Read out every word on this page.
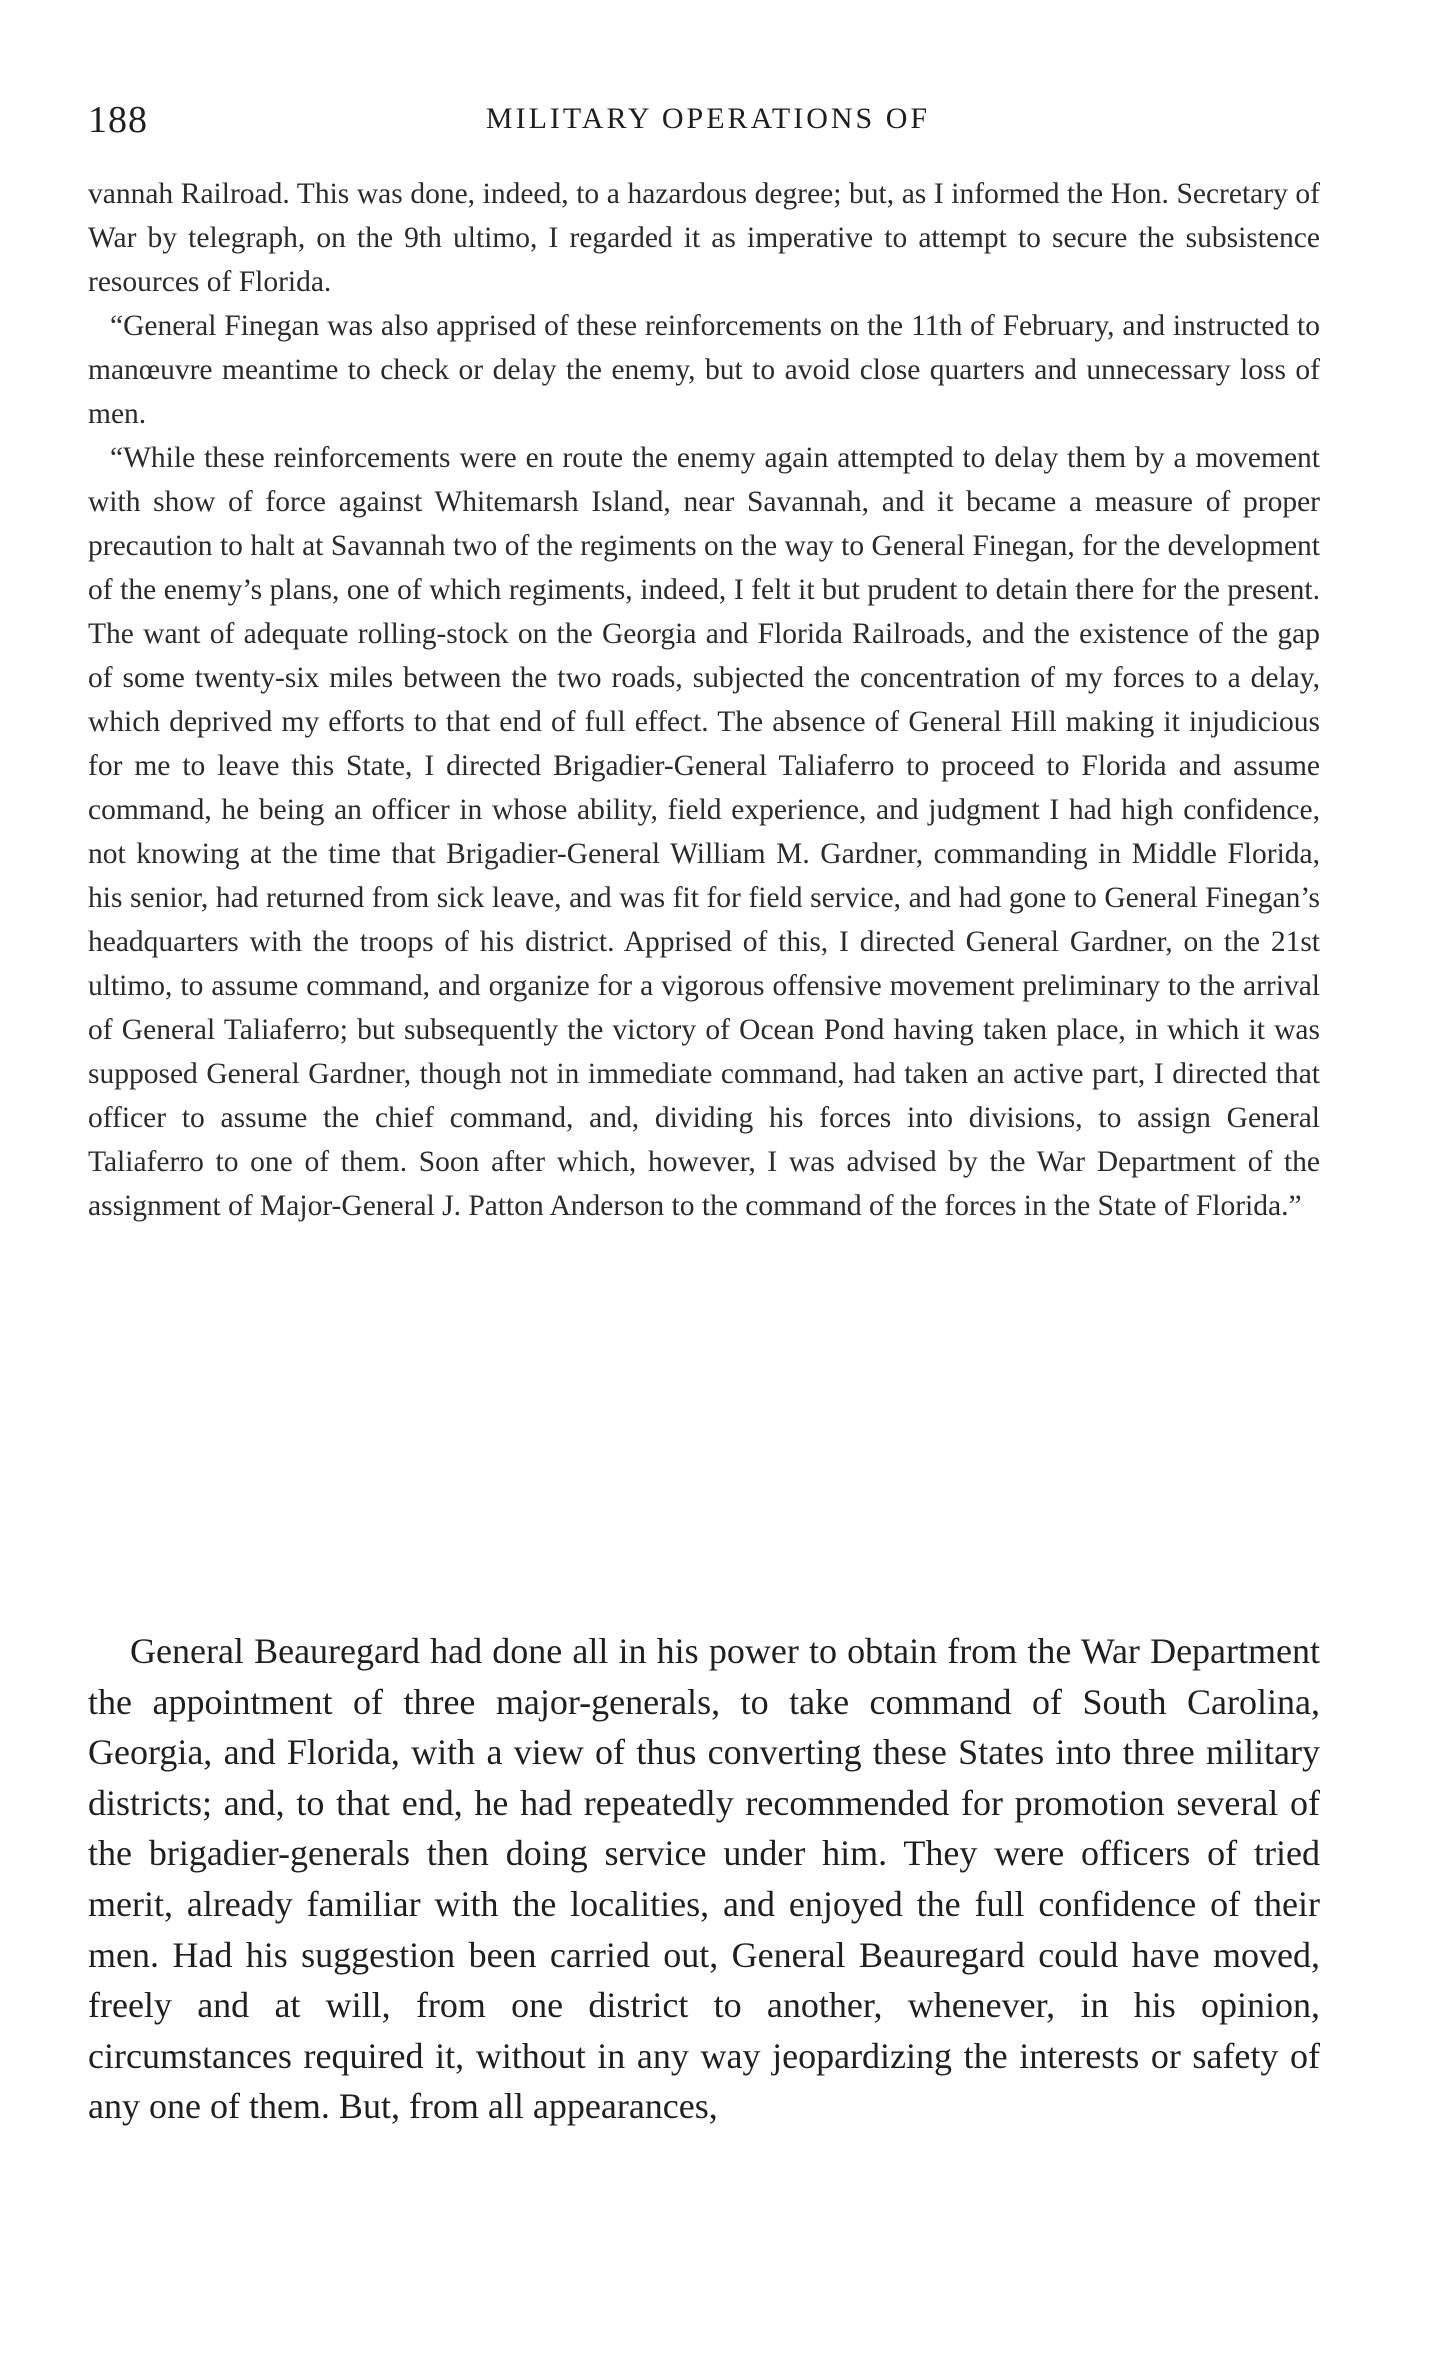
188	MILITARY OPERATIONS OF

vannah Railroad. This was done, indeed, to a hazardous degree; but, as I informed the Hon. Secretary of War by telegraph, on the 9th ultimo, I regarded it as imperative to attempt to secure the subsistence resources of Florida.

“General Finegan was also apprised of these reinforcements on the 11th of February, and instructed to manœuvre meantime to check or delay the enemy, but to avoid close quarters and unnecessary loss of men.

“While these reinforcements were en route the enemy again attempted to delay them by a movement with show of force against Whitemarsh Island, near Savannah, and it became a measure of proper precaution to halt at Savannah two of the regiments on the way to General Finegan, for the development of the enemy’s plans, one of which regiments, indeed, I felt it but prudent to detain there for the present. The want of adequate rolling-stock on the Georgia and Florida Railroads, and the existence of the gap of some twenty-six miles between the two roads, subjected the concentration of my forces to a delay, which deprived my efforts to that end of full effect. The absence of General Hill making it injudicious for me to leave this State, I directed Brigadier-General Taliaferro to proceed to Florida and assume command, he being an officer in whose ability, field experience, and judgment I had high confidence, not knowing at the time that Brigadier-General William M. Gardner, commanding in Middle Florida, his senior, had returned from sick leave, and was fit for field service, and had gone to General Finegan’s headquarters with the troops of his district. Apprised of this, I directed General Gardner, on the 21st ultimo, to assume command, and organize for a vigorous offensive movement preliminary to the arrival of General Taliaferro; but subsequently the victory of Ocean Pond having taken place, in which it was supposed General Gardner, though not in immediate command, had taken an active part, I directed that officer to assume the chief command, and, dividing his forces into divisions, to assign General Taliaferro to one of them. Soon after which, however, I was advised by the War Department of the assignment of Major-General J. Patton Anderson to the command of the forces in the State of Florida.”

General Beauregard had done all in his power to obtain from the War Department the appointment of three major-generals, to take command of South Carolina, Georgia, and Florida, with a view of thus converting these States into three military districts; and, to that end, he had repeatedly recommended for promotion several of the brigadier-generals then doing service under him. They were officers of tried merit, already familiar with the localities, and enjoyed the full confidence of their men. Had his suggestion been carried out, General Beauregard could have moved, freely and at will, from one district to another, whenever, in his opinion, circumstances required it, without in any way jeopardizing the interests or safety of any one of them. But, from all appearances,
